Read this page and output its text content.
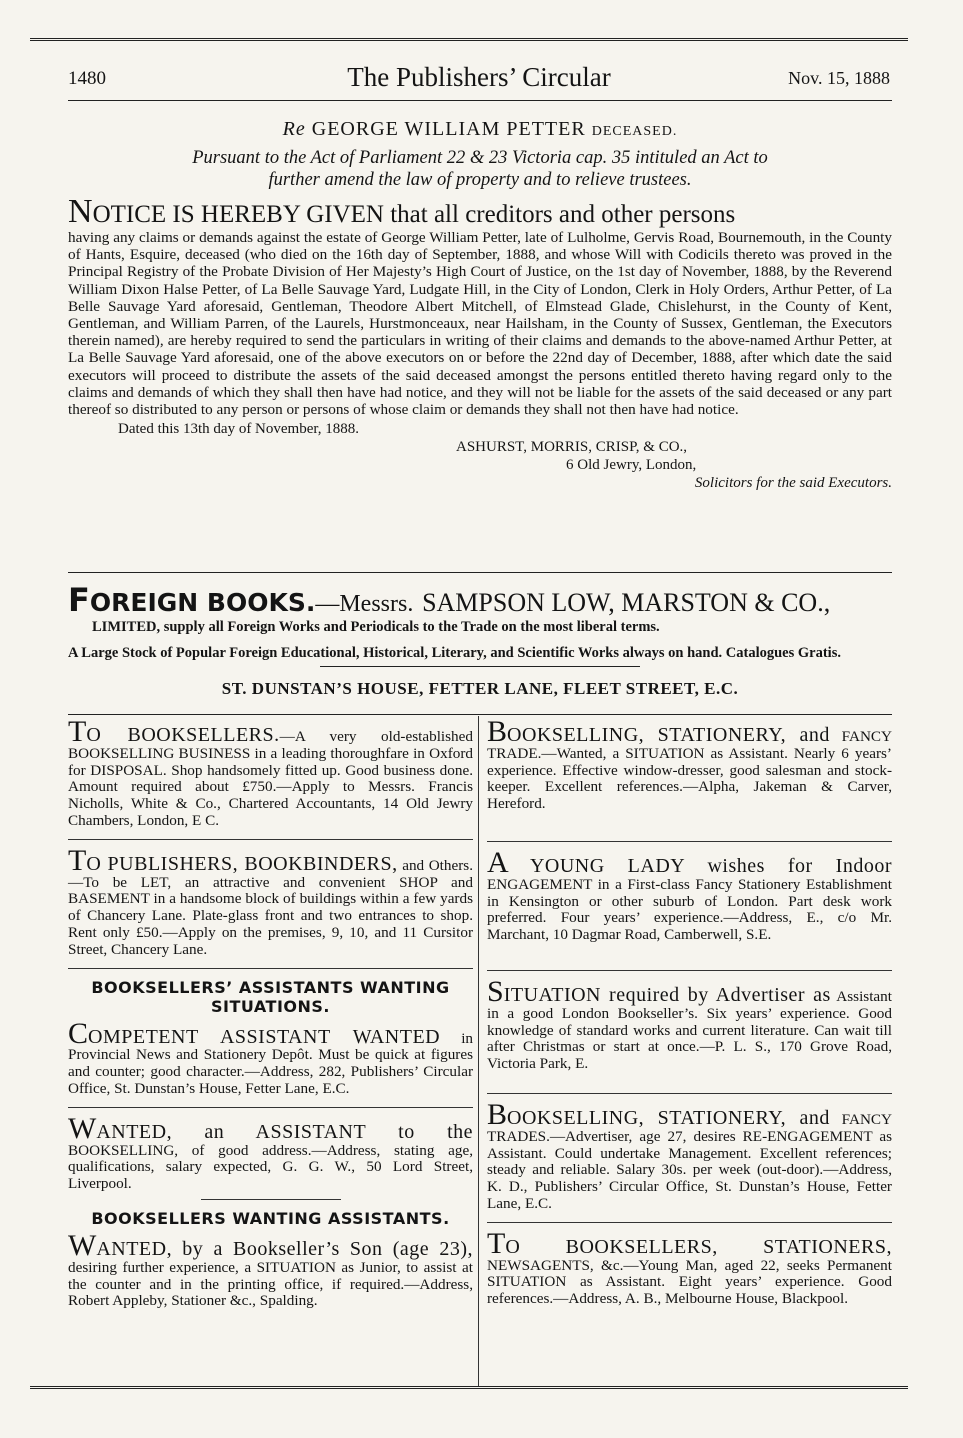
1480	The Publishers’ Circular	Nov. 15, 1888
Re GEORGE WILLIAM PETTER DECEASED.
Pursuant to the Act of Parliament 22 & 23 Victoria cap. 35 intituled an Act to
further amend the law of property and to relieve trustees.
NOTICE IS HEREBY GIVEN that all creditors and other persons
having any claims or demands against the estate of George William Petter, late of Lulholme, Gervis Road, Bournemouth, in the County of Hants, Esquire, deceased (who died on the 16th day of September, 1888, and whose Will with Codicils thereto was proved in the Principal Registry of the Probate Division of Her Majesty’s High Court of Justice, on the 1st day of November, 1888, by the Reverend William Dixon Halse Petter, of La Belle Sauvage Yard, Ludgate Hill, in the City of London, Clerk in Holy Orders, Arthur Petter, of La Belle Sauvage Yard aforesaid, Gentleman, Theodore Albert Mitchell, of Elmstead Glade, Chislehurst, in the County of Kent, Gentleman, and William Parren, of the Laurels, Hurstmonceaux, near Hailsham, in the County of Sussex, Gentleman, the Executors therein named), are hereby required to send the particulars in writing of their claims and demands to the above-named Arthur Petter, at La Belle Sauvage Yard aforesaid, one of the above executors on or before the 22nd day of December, 1888, after which date the said executors will proceed to distribute the assets of the said deceased amongst the persons entitled thereto having regard only to the claims and demands of which they shall then have had notice, and they will not be liable for the assets of the said deceased or any part thereof so distributed to any person or persons of whose claim or demands they shall not then have had notice.
Dated this 13th day of November, 1888.
ASHURST, MORRIS, CRISP, & CO.,
6 Old Jewry, London,
Solicitors for the said Executors.
FOREIGN BOOKS.—Messrs. SAMPSON LOW, MARSTON & CO.,
LIMITED, supply all Foreign Works and Periodicals to the Trade on the most liberal terms.
A Large Stock of Popular Foreign Educational, Historical, Literary, and Scientific Works always on hand. Catalogues Gratis.
ST. DUNSTAN’S HOUSE, FETTER LANE, FLEET STREET, E.C.
TO BOOKSELLERS.—A very old-established BOOKSELLING BUSINESS in a leading thoroughfare in Oxford for DISPOSAL. Shop handsomely fitted up. Good business done. Amount required about £750.—Apply to Messrs. Francis Nicholls, White & Co., Chartered Accountants, 14 Old Jewry Chambers, London, E C.
TO PUBLISHERS, BOOKBINDERS, and Others.—To be LET, an attractive and convenient SHOP and BASEMENT in a handsome block of buildings within a few yards of Chancery Lane. Plate-glass front and two entrances to shop. Rent only £50.—Apply on the premises, 9, 10, and 11 Cursitor Street, Chancery Lane.
BOOKSELLERS’ ASSISTANTS WANTING SITUATIONS.
COMPETENT ASSISTANT WANTED in Provincial News and Stationery Depôt. Must be quick at figures and counter; good character.—Address, 282, Publishers’ Circular Office, St. Dunstan’s House, Fetter Lane, E.C.
WANTED, an ASSISTANT to the BOOKSELLING, of good address.—Address, stating age, qualifications, salary expected, G. G. W., 50 Lord Street, Liverpool.
BOOKSELLERS WANTING ASSISTANTS.
WANTED, by a Bookseller’s Son (age 23), desiring further experience, a SITUATION as Junior, to assist at the counter and in the printing office, if required.—Address, Robert Appleby, Stationer &c., Spalding.
BOOKSELLING, STATIONERY, and FANCY TRADE.—Wanted, a SITUATION as Assistant. Nearly 6 years’ experience. Effective window-dresser, good salesman and stock-keeper. Excellent references.—Alpha, Jakeman & Carver, Hereford.
A YOUNG LADY wishes for Indoor ENGAGEMENT in a First-class Fancy Stationery Establishment in Kensington or other suburb of London. Part desk work preferred. Four years’ experience.—Address, E., c/o Mr. Marchant, 10 Dagmar Road, Camberwell, S.E.
SITUATION required by Advertiser as Assistant in a good London Bookseller’s. Six years’ experience. Good knowledge of standard works and current literature. Can wait till after Christmas or start at once.—P. L. S., 170 Grove Road, Victoria Park, E.
BOOKSELLING, STATIONERY, and FANCY TRADES.—Advertiser, age 27, desires RE-ENGAGEMENT as Assistant. Could undertake Management. Excellent references; steady and reliable. Salary 30s. per week (out-door).—Address, K. D., Publishers’ Circular Office, St. Dunstan’s House, Fetter Lane, E.C.
TO BOOKSELLERS, STATIONERS, NEWSAGENTS, &c.—Young Man, aged 22, seeks Permanent SITUATION as Assistant. Eight years’ experience. Good references.—Address, A. B., Melbourne House, Blackpool.
